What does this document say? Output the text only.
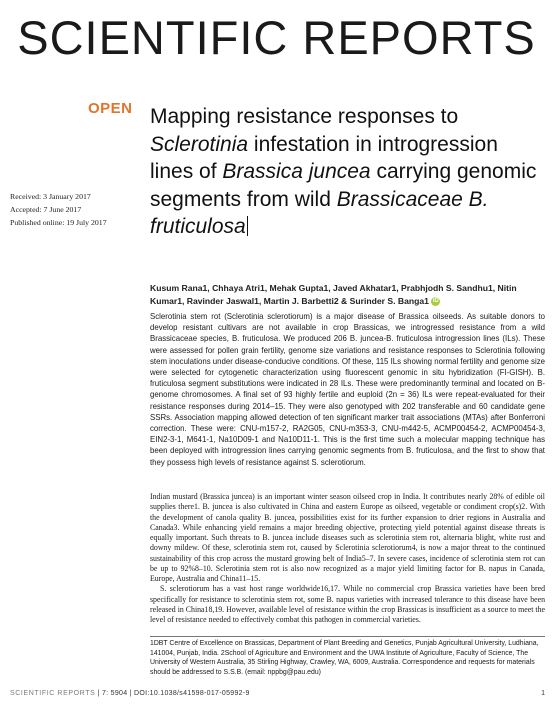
SCIENTIFIC REPORTS
OPEN Mapping resistance responses to Sclerotinia infestation in introgression lines of Brassica juncea carrying genomic segments from wild Brassicaceae B. fruticulosa
Received: 3 January 2017
Accepted: 7 June 2017
Published online: 19 July 2017
Kusum Rana1, Chhaya Atri1, Mehak Gupta1, Javed Akhatar1, Prabhjodh S. Sandhu1, Nitin Kumar1, Ravinder Jaswal1, Martin J. Barbetti2 & Surinder S. Banga1 iD
Sclerotinia stem rot (Sclerotinia sclerotiorum) is a major disease of Brassica oilseeds. As suitable donors to develop resistant cultivars are not available in crop Brassicas, we introgressed resistance from a wild Brassicaceae species, B. fruticulosa. We produced 206 B. juncea-B. fruticulosa introgression lines (ILs). These were assessed for pollen grain fertility, genome size variations and resistance responses to Sclerotinia following stem inoculations under disease-conducive conditions. Of these, 115 ILs showing normal fertility and genome size were selected for cytogenetic characterization using fluorescent genomic in situ hybridization (FI-GISH). B. fruticulosa segment substitutions were indicated in 28 ILs. These were predominantly terminal and located on B-genome chromosomes. A final set of 93 highly fertile and euploid (2n = 36) ILs were repeat-evaluated for their resistance responses during 2014–15. They were also genotyped with 202 transferable and 60 candidate gene SSRs. Association mapping allowed detection of ten significant marker trait associations (MTAs) after Bonferroni correction. These were: CNU-m157-2, RA2G05, CNU-m353-3, CNU-m442-5, ACMP00454-2, ACMP00454-3, EIN2-3-1, M641-1, Na10D09-1 and Na10D11-1. This is the first time such a molecular mapping technique has been deployed with introgression lines carrying genomic segments from B. fruticulosa, and the first to show that they possess high levels of resistance against S. sclerotiorum.

Indian mustard (Brassica juncea) is an important winter season oilseed crop in India. It contributes nearly 28% of edible oil supplies there1. B. juncea is also cultivated in China and eastern Europe as oilseed, vegetable or condiment crop(s)2. With the development of canola quality B. juncea, possibilities exist for its further expansion to drier regions in Australia and Canada3. While enhancing yield remains a major breeding objective, protecting yield potential against disease threats is equally important. Such threats to B. juncea include diseases such as sclerotinia stem rot, alternaria blight, white rust and downy mildew. Of these, sclerotinia stem rot, caused by Sclerotinia sclerotiorum4, is now a major threat to the continued sustainability of this crop across the mustard growing belt of India5–7. In severe cases, incidence of sclerotinia stem rot can be up to 92%8–10. Sclerotinia stem rot is also now recognized as a major yield limiting factor for B. napus in Canada, Europe, Australia and China11–15.

S. sclerotiorum has a vast host range worldwide16,17. While no commercial crop Brassica varieties have been bred specifically for resistance to sclerotinia stem rot, some B. napus varieties with increased tolerance to this disease have been released in China18,19. However, available level of resistance within the crop Brassicas is insufficient as a source to meet the level of resistance needed to effectively combat this pathogen in commercial varieties.

1DBT Centre of Excellence on Brassicas, Department of Plant Breeding and Genetics, Punjab Agricultural University, Ludhiana, 141004, Punjab, India. 2School of Agriculture and Environment and the UWA Institute of Agriculture, Faculty of Science, The University of Western Australia, 35 Stirling Highway, Crawley, WA, 6009, Australia. Correspondence and requests for materials should be addressed to S.S.B. (email: nppbg@pau.edu)
SCIENTIFIC REPORTS | 7: 5904 | DOI:10.1038/s41598-017-05992-9	1
